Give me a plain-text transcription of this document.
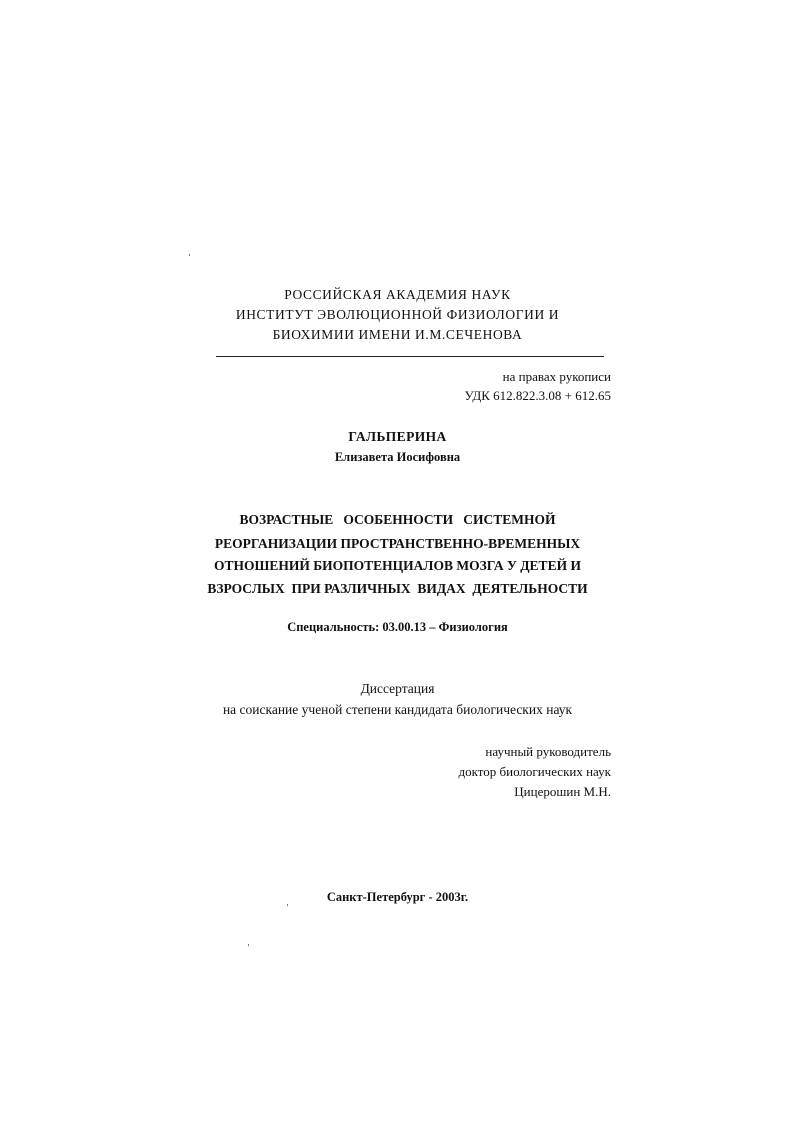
РОССИЙСКАЯ АКАДЕМИЯ НАУК
ИНСТИТУТ ЭВОЛЮЦИОННОЙ ФИЗИОЛОГИИ И
БИОХИМИИ ИМЕНИ И.М.СЕЧЕНОВА
на правах рукописи
УДК 612.822.3.08 + 612.65
ГАЛЬПЕРИНА
Елизавета Иосифовна
ВОЗРАСТНЫЕ   ОСОБЕННОСТИ   СИСТЕМНОЙ
РЕОРГАНИЗАЦИИ ПРОСТРАНСТВЕННО-ВРЕМЕННЫХ
ОТНОШЕНИЙ БИОПОТЕНЦИАЛОВ МОЗГА У ДЕТЕЙ И
ВЗРОСЛЫХ  ПРИ РАЗЛИЧНЫХ  ВИДАХ  ДЕЯТЕЛЬНОСТИ
Специальность: 03.00.13 – Физиология
Диссертация
на соискание ученой степени кандидата биологических наук
научный руководитель
доктор биологических наук
Цицерошин М.Н.
Санкт-Петербург - 2003г.
